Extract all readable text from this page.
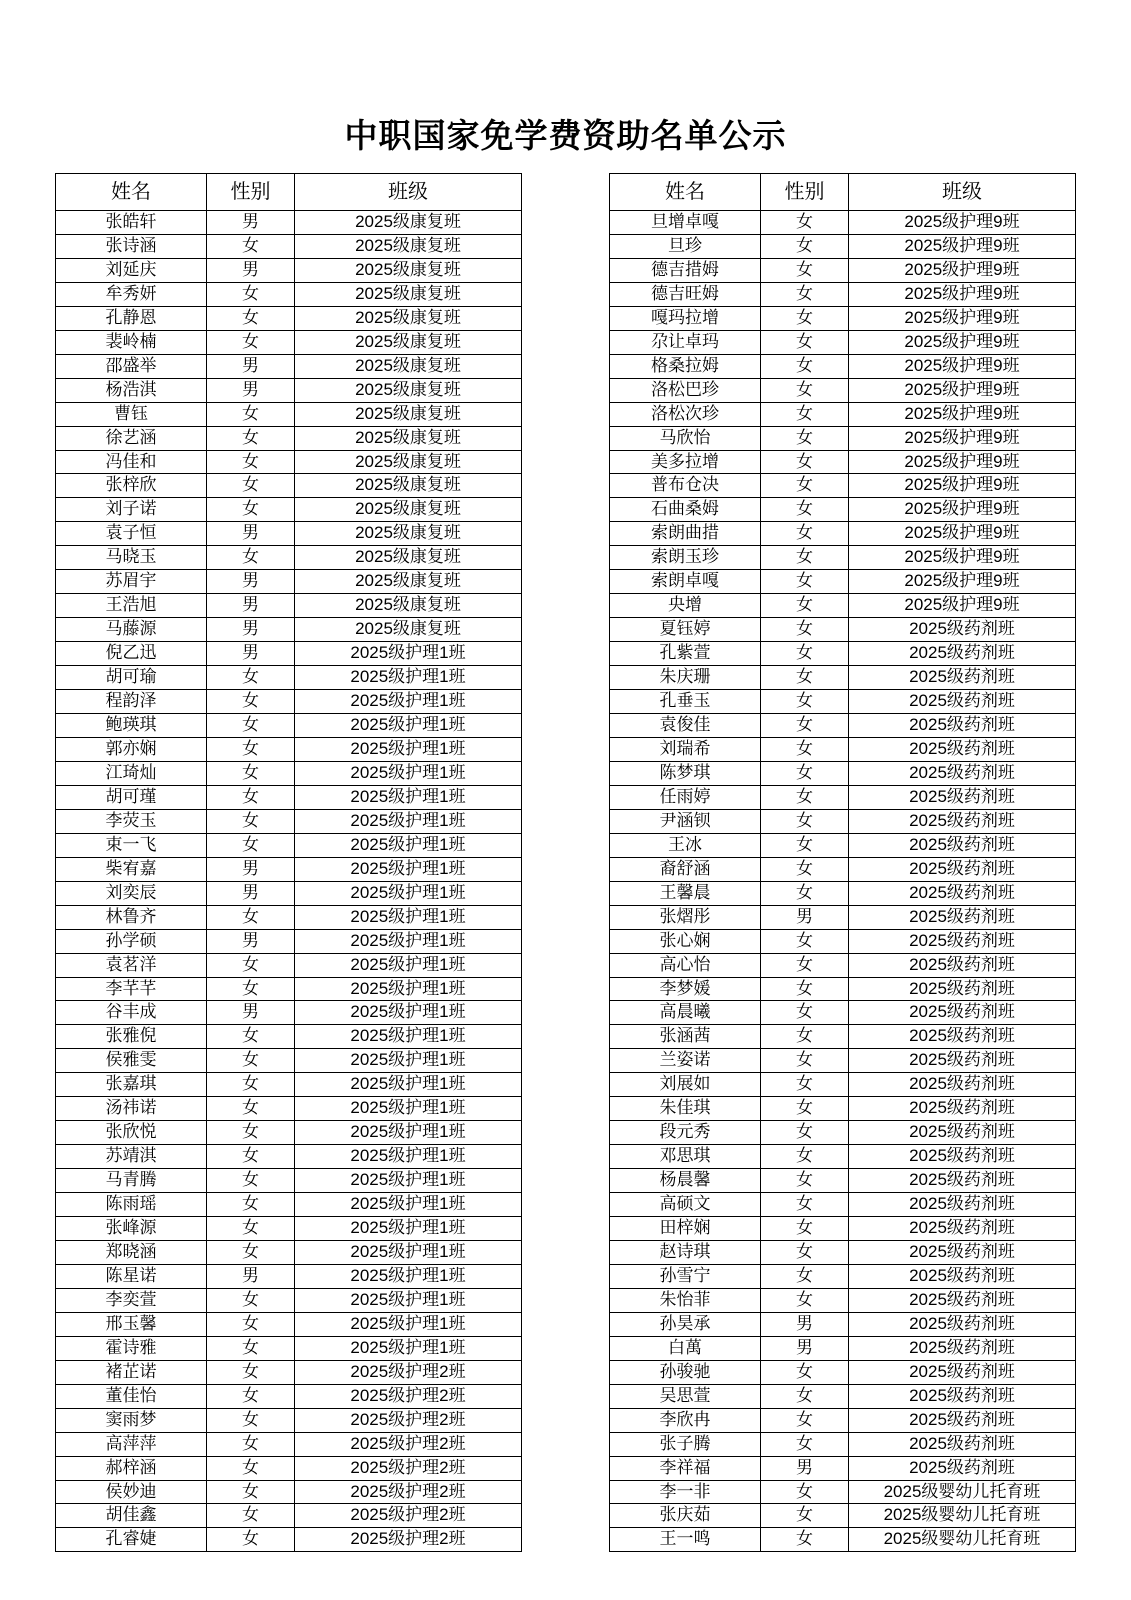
中职国家免学费资助名单公示
姓名	性别	班级
张皓轩	男	2025级康复班
张诗涵	女	2025级康复班
刘延庆	男	2025级康复班
牟秀妍	女	2025级康复班
孔静恩	女	2025级康复班
裴岭楠	女	2025级康复班
邵盛举	男	2025级康复班
杨浩淇	男	2025级康复班
曹钰	女	2025级康复班
徐艺涵	女	2025级康复班
冯佳和	女	2025级康复班
张梓欣	女	2025级康复班
刘子诺	女	2025级康复班
袁子恒	男	2025级康复班
马晓玉	女	2025级康复班
苏眉宇	男	2025级康复班
王浩旭	男	2025级康复班
马藤源	男	2025级康复班
倪乙迅	男	2025级护理1班
胡可瑜	女	2025级护理1班
程韵泽	女	2025级护理1班
鲍瑛琪	女	2025级护理1班
郭亦娴	女	2025级护理1班
江琦灿	女	2025级护理1班
胡可瑾	女	2025级护理1班
李荧玉	女	2025级护理1班
束一飞	女	2025级护理1班
柴宥嘉	男	2025级护理1班
刘奕辰	男	2025级护理1班
林鲁齐	女	2025级护理1班
孙学硕	男	2025级护理1班
袁茗洋	女	2025级护理1班
李芊芊	女	2025级护理1班
谷丰成	男	2025级护理1班
张雅倪	女	2025级护理1班
侯雅雯	女	2025级护理1班
张嘉琪	女	2025级护理1班
汤祎诺	女	2025级护理1班
张欣悦	女	2025级护理1班
苏靖淇	女	2025级护理1班
马青腾	女	2025级护理1班
陈雨瑶	女	2025级护理1班
张峰源	女	2025级护理1班
郑晓涵	女	2025级护理1班
陈星诺	男	2025级护理1班
李奕萱	女	2025级护理1班
邢玉馨	女	2025级护理1班
霍诗雅	女	2025级护理1班
褚芷诺	女	2025级护理2班
董佳怡	女	2025级护理2班
窦雨梦	女	2025级护理2班
高萍萍	女	2025级护理2班
郝梓涵	女	2025级护理2班
侯妙迪	女	2025级护理2班
胡佳鑫	女	2025级护理2班
孔睿婕	女	2025级护理2班
姓名	性别	班级
旦增卓嘎	女	2025级护理9班
旦珍	女	2025级护理9班
德吉措姆	女	2025级护理9班
德吉旺姆	女	2025级护理9班
嘎玛拉增	女	2025级护理9班
尕让卓玛	女	2025级护理9班
格桑拉姆	女	2025级护理9班
洛松巴珍	女	2025级护理9班
洛松次珍	女	2025级护理9班
马欣怡	女	2025级护理9班
美多拉增	女	2025级护理9班
普布仓决	女	2025级护理9班
石曲桑姆	女	2025级护理9班
索朗曲措	女	2025级护理9班
索朗玉珍	女	2025级护理9班
索朗卓嘎	女	2025级护理9班
央增	女	2025级护理9班
夏钰婷	女	2025级药剂班
孔紫萱	女	2025级药剂班
朱庆珊	女	2025级药剂班
孔垂玉	女	2025级药剂班
袁俊佳	女	2025级药剂班
刘瑞希	女	2025级药剂班
陈梦琪	女	2025级药剂班
任雨婷	女	2025级药剂班
尹涵钡	女	2025级药剂班
王冰	女	2025级药剂班
裔舒涵	女	2025级药剂班
王馨晨	女	2025级药剂班
张熠彤	男	2025级药剂班
张心娴	女	2025级药剂班
高心怡	女	2025级药剂班
李梦媛	女	2025级药剂班
高晨曦	女	2025级药剂班
张涵茜	女	2025级药剂班
兰姿诺	女	2025级药剂班
刘展如	女	2025级药剂班
朱佳琪	女	2025级药剂班
段元秀	女	2025级药剂班
邓思琪	女	2025级药剂班
杨晨馨	女	2025级药剂班
高硕文	女	2025级药剂班
田梓娴	女	2025级药剂班
赵诗琪	女	2025级药剂班
孙雪宁	女	2025级药剂班
朱怡菲	女	2025级药剂班
孙昊承	男	2025级药剂班
白萬	男	2025级药剂班
孙骏驰	女	2025级药剂班
吴思萱	女	2025级药剂班
李欣冉	女	2025级药剂班
张子腾	女	2025级药剂班
李祥福	男	2025级药剂班
李一非	女	2025级婴幼儿托育班
张庆茹	女	2025级婴幼儿托育班
王一鸣	女	2025级婴幼儿托育班
